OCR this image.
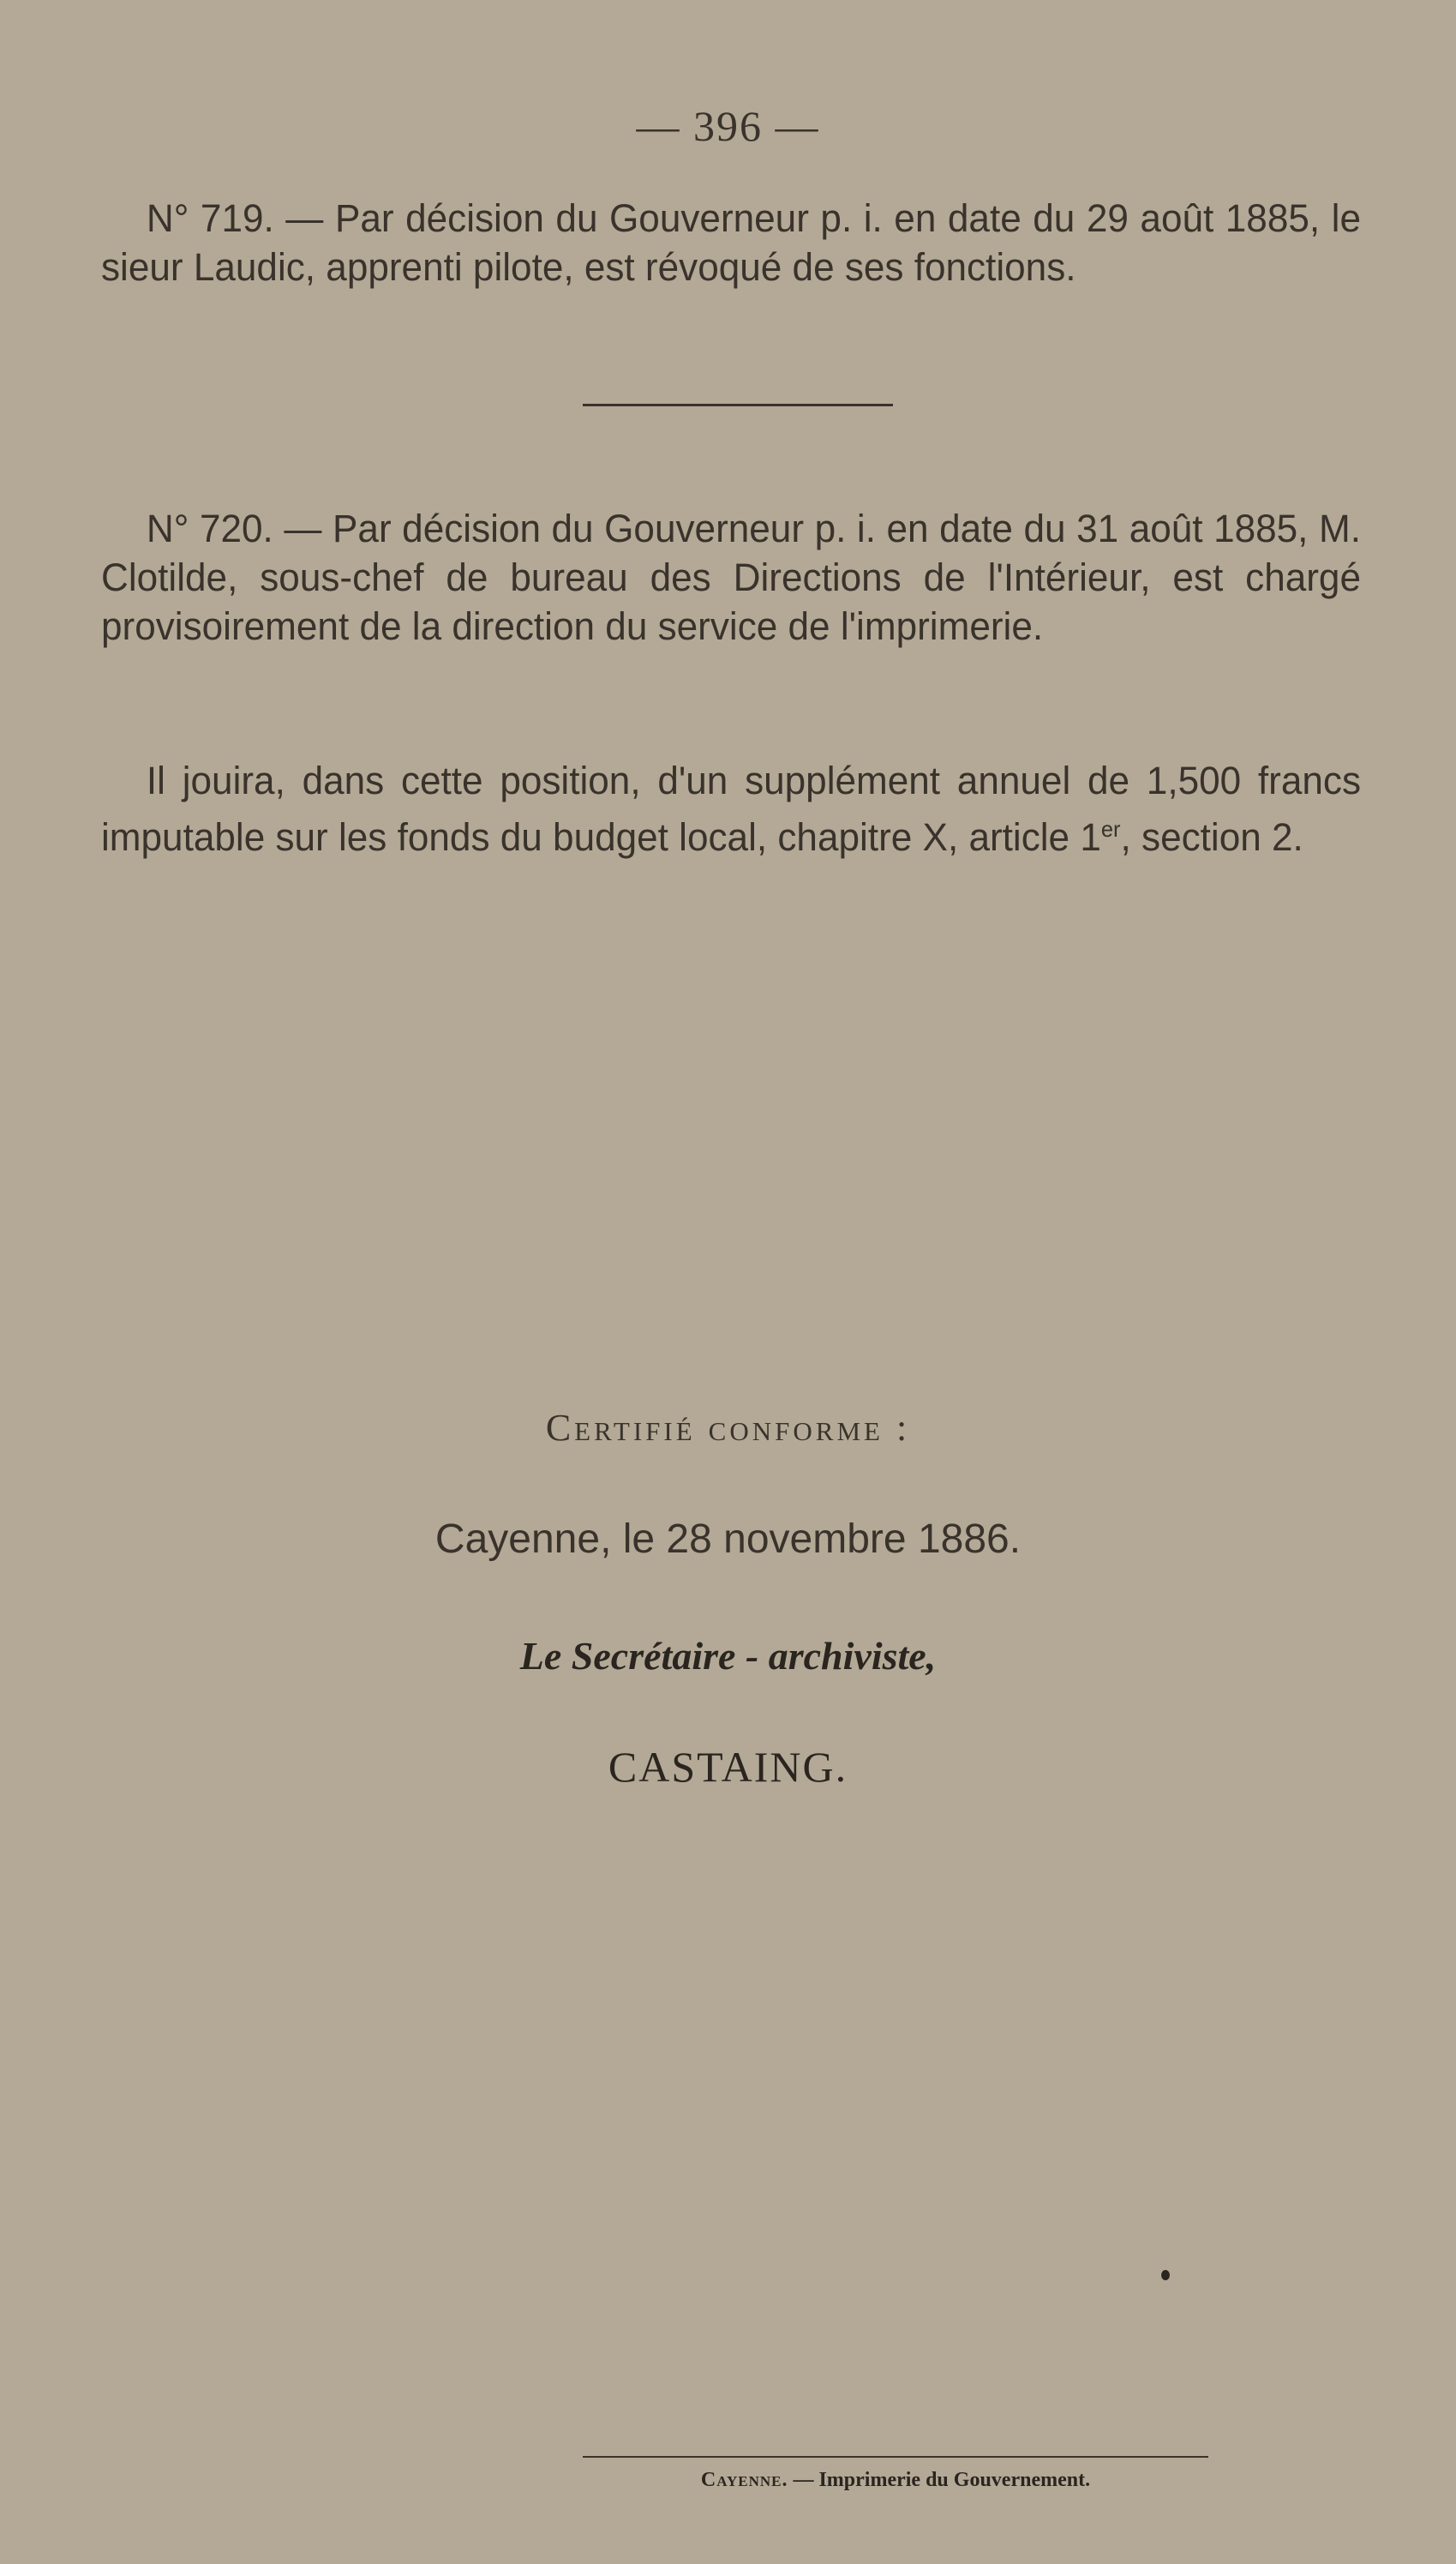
— 396 —

N° 719. — Par décision du Gouverneur p. i. en date du 29 août 1885, le sieur Laudic, apprenti pilote, est révoqué de ses fonctions.

N° 720. — Par décision du Gouverneur p. i. en date du 31 août 1885, M. Clotilde, sous-chef de bureau des Directions de l'Intérieur, est chargé provisoirement de la direction du service de l'imprimerie.

Il jouira, dans cette position, d'un supplément annuel de 1,500 francs imputable sur les fonds du budget local, chapitre X, article 1er, section 2.

Certifié conforme :
Cayenne, le 28 novembre 1886.
Le Secrétaire - archiviste,
CASTAING.
Cayenne. — Imprimerie du Gouvernement.
